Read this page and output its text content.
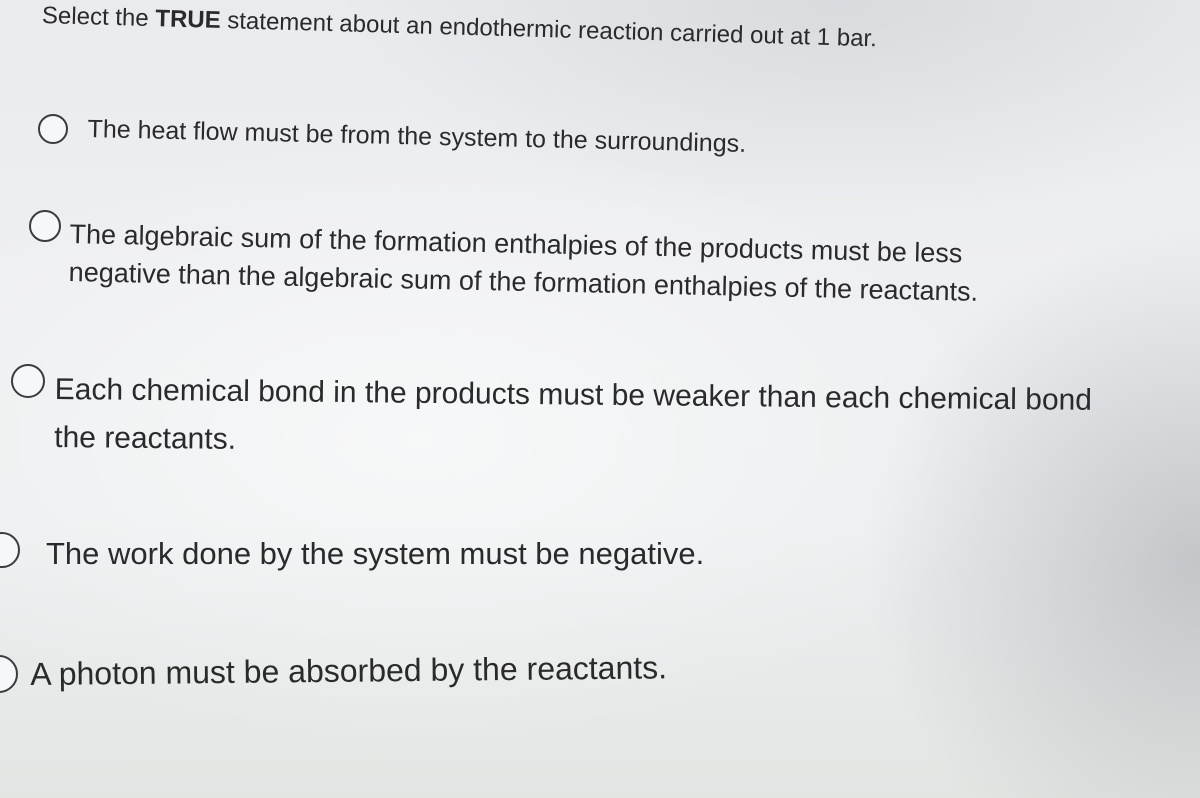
Select the TRUE statement about an endothermic reaction carried out at 1 bar.
The heat flow must be from the system to the surroundings.
The algebraic sum of the formation enthalpies of the products must be less
negative than the algebraic sum of the formation enthalpies of the reactants.
Each chemical bond in the products must be weaker than each chemical bond
the reactants.
The work done by the system must be negative.
A photon must be absorbed by the reactants.
